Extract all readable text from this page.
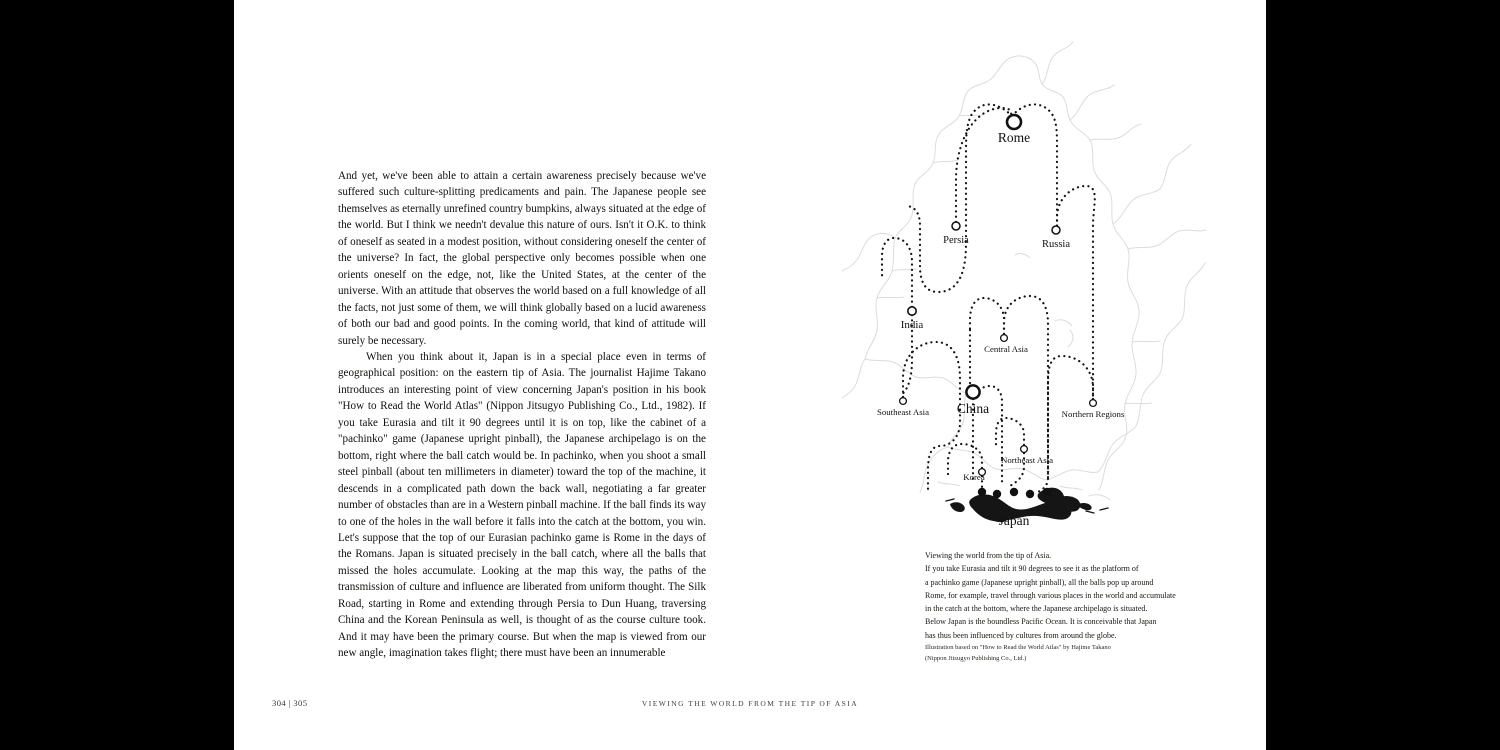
And yet, we've been able to attain a certain awareness precisely because we've suffered such culture-splitting predicaments and pain. The Japanese people see themselves as eternally unrefined country bumpkins, always situated at the edge of the world. But I think we needn't devalue this nature of ours. Isn't it O.K. to think of oneself as seated in a modest position, without considering oneself the center of the universe? In fact, the global perspective only becomes possible when one orients oneself on the edge, not, like the United States, at the center of the universe. With an attitude that observes the world based on a full knowledge of all the facts, not just some of them, we will think globally based on a lucid awareness of both our bad and good points. In the coming world, that kind of attitude will surely be necessary.

When you think about it, Japan is in a special place even in terms of geographical position: on the eastern tip of Asia. The journalist Hajime Takano introduces an interesting point of view concerning Japan's position in his book "How to Read the World Atlas" (Nippon Jitsugyo Publishing Co., Ltd., 1982). If you take Eurasia and tilt it 90 degrees until it is on top, like the cabinet of a "pachinko" game (Japanese upright pinball), the Japanese archipelago is on the bottom, right where the ball catch would be. In pachinko, when you shoot a small steel pinball (about ten millimeters in diameter) toward the top of the machine, it descends in a complicated path down the back wall, negotiating a far greater number of obstacles than are in a Western pinball machine. If the ball finds its way to one of the holes in the wall before it falls into the catch at the bottom, you win. Let's suppose that the top of our Eurasian pachinko game is Rome in the days of the Romans. Japan is situated precisely in the ball catch, where all the balls that missed the holes accumulate. Looking at the map this way, the paths of the transmission of culture and influence are liberated from uniform thought. The Silk Road, starting in Rome and extending through Persia to Dun Huang, traversing China and the Korean Peninsula as well, is thought of as the course culture took. And it may have been the primary course. But when the map is viewed from our new angle, imagination takes flight; there must have been an innumerable

Rome
Persia	Russia
India
Central Asia
Southeast Asia China	Northern Regions
Northeast Asia
Korea
Japan
Viewing the world from the tip of Asia.
If you take Eurasia and tilt it 90 degrees to see it as the platform of
a pachinko game (Japanese upright pinball), all the balls pop up around
Rome, for example, travel through various places in the world and accumulate
in the catch at the bottom, where the Japanese archipelago is situated.
Below Japan is the boundless Pacific Ocean. It is conceivable that Japan
has thus been influenced by cultures from around the globe.
Illustration based on "How to Read the World Atlas" by Hajime Takano
(Nippon Jitsugyo Publishing Co., Ltd.)
304 | 305	VIEWING THE WORLD FROM THE TIP OF ASIA
